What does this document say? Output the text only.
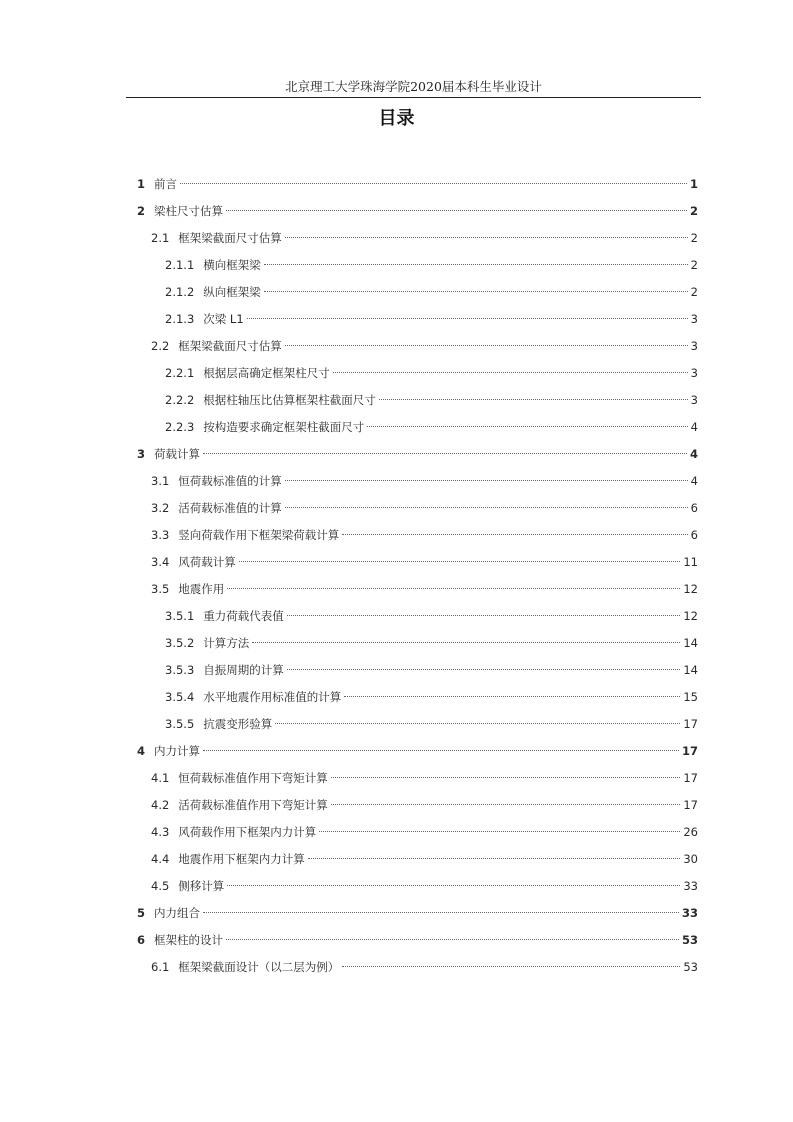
北京理工大学珠海学院2020届本科生毕业设计
目录
1 前言	1
2 梁柱尺寸估算	2
2.1 框架梁截面尺寸估算	2
2.1.1 横向框架梁	2
2.1.2 纵向框架梁	2
2.1.3 次梁 L1	3
2.2 框架梁截面尺寸估算	3
2.2.1 根据层高确定框架柱尺寸	3
2.2.2 根据柱轴压比估算框架柱截面尺寸	3
2.2.3 按构造要求确定框架柱截面尺寸	4
3 荷载计算	4
3.1 恒荷载标准值的计算	4
3.2 活荷载标准值的计算	6
3.3 竖向荷载作用下框架梁荷载计算	6
3.4 风荷载计算	11
3.5 地震作用	12
3.5.1 重力荷载代表值	12
3.5.2 计算方法	14
3.5.3 自振周期的计算	14
3.5.4 水平地震作用标准值的计算	15
3.5.5 抗震变形验算	17
4 内力计算	17
4.1 恒荷载标准值作用下弯矩计算	17
4.2 活荷载标准值作用下弯矩计算	17
4.3 风荷载作用下框架内力计算	26
4.4 地震作用下框架内力计算	30
4.5 侧移计算	33
5 内力组合	33
6 框架柱的设计	53
6.1 框架梁截面设计（以二层为例）	53
